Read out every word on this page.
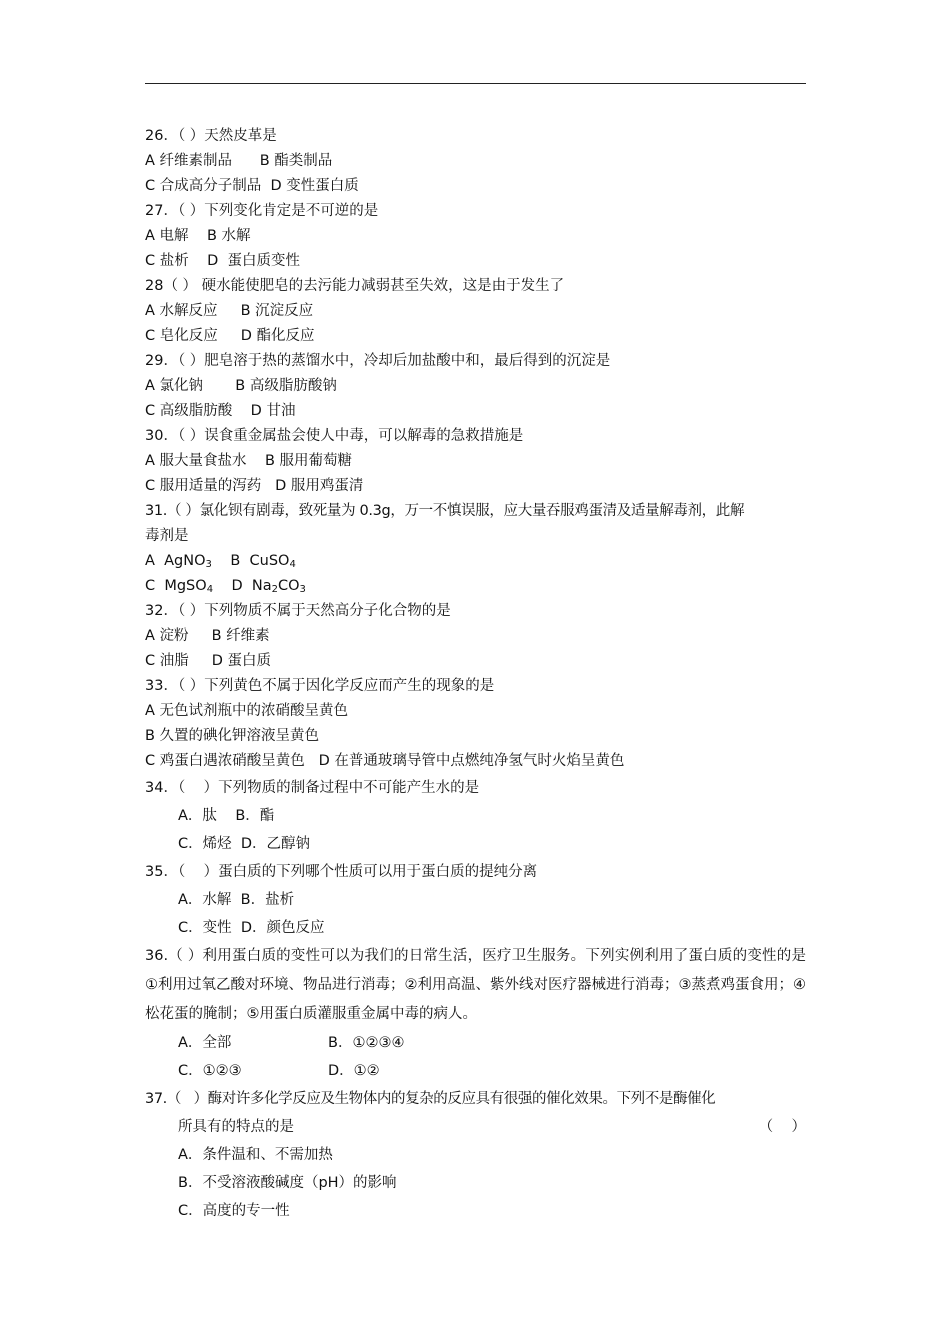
26．（ ）天然皮革是
A 纤维素制品 B 酯类制品
C 合成高分子制品 D 变性蛋白质
27．（ ）下列变化肯定是不可逆的是
A 电解 B 水解
C 盐析 D  蛋白质变性
28（ ） 硬水能使肥皂的去污能力减弱甚至失效，这是由于发生了
A 水解反应 B 沉淀反应
C 皂化反应 D 酯化反应
29．（ ）肥皂溶于热的蒸馏水中，冷却后加盐酸中和，最后得到的沉淀是
A 氯化钠 B 高级脂肪酸钠
C 高级脂肪酸 D 甘油
30．（ ）误食重金属盐会使人中毒，可以解毒的急救措施是
A 服大量食盐水 B 服用葡萄糖
C 服用适量的泻药 D 服用鸡蛋清
31.（ ）氯化钡有剧毒，致死量为 0.3g，万一不慎误服，应大量吞服鸡蛋清及适量解毒剂，此解
毒剂是
A  AgNO$_3$ B  CuSO$_4$
C  MgSO$_4$ D  $Na_2CO_3$
32．（ ）下列物质不属于天然高分子化合物的是
A 淀粉 B 纤维素
C 油脂 D 蛋白质
33．（ ）下列黄色不属于因化学反应而产生的现象的是
A 无色试剂瓶中的浓硝酸呈黄色
B 久置的碘化钾溶液呈黄色
C 鸡蛋白遇浓硝酸呈黄色 D 在普通玻璃导管中点燃纯净氢气时火焰呈黄色
34．（    ）下列物质的制备过程中不可能产生水的是
A．肽 B．酯
C．烯烃 D．乙醇钠
35．（    ）蛋白质的下列哪个性质可以用于蛋白质的提纯分离
A．水解 B．盐析
C．变性 D．颜色反应
36.（ ）利用蛋白质的变性可以为我们的日常生活，医疗卫生服务。下列实例利用了蛋白质的变性的是①利用过氧乙酸对环境、物品进行消毒；②利用高温、紫外线对医疗器械进行消毒；③蒸煮鸡蛋食用；④松花蛋的腌制；⑤用蛋白质灌服重金属中毒的病人。
A．全部	B．①②③④
C．①②③	D．①②
37.（   ）酶对许多化学反应及生物体内的复杂的反应具有很强的催化效果。下列不是酶催化
所具有的特点的是	（    ）
A．条件温和、不需加热
B．不受溶液酸碱度（pH）的影响
C．高度的专一性
